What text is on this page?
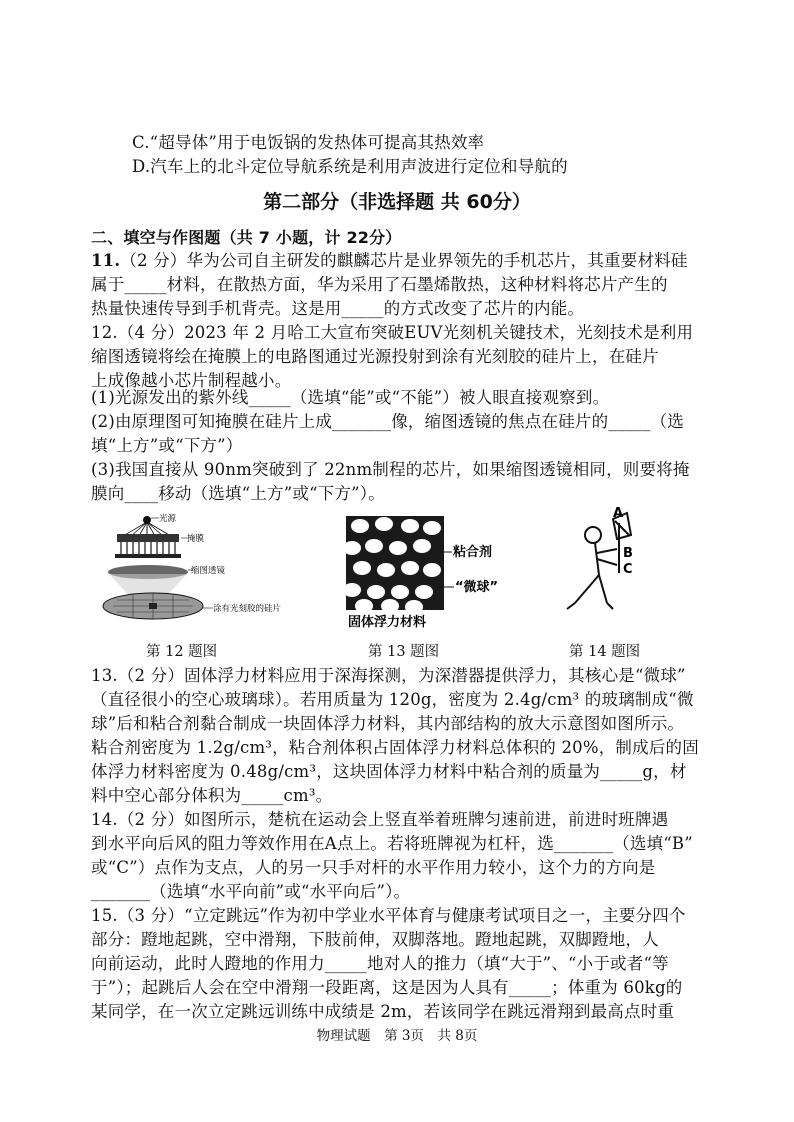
C.“超导体”用于电饭锅的发热体可提高其热效率
D.汽车上的北斗定位导航系统是利用声波进行定位和导航的
第二部分（非选择题 共 60分）
二、填空与作图题（共 7 小题，计 22分）
11.（2 分）华为公司自主研发的麒麟芯片是业界领先的手机芯片，其重要材料硅
属于_____材料，在散热方面，华为采用了石墨烯散热，这种材料将芯片产生的
热量快速传导到手机背壳。这是用_____的方式改变了芯片的内能。
12.（4 分）2023 年 2 月哈工大宣布突破EUV光刻机关键技术，光刻技术是利用
缩图透镜将绘在掩膜上的电路图通过光源投射到涂有光刻胶的硅片上，在硅片
上成像越小芯片制程越小。
(1)光源发出的紫外线_____（选填“能”或“不能”）被人眼直接观察到。
(2)由原理图可知掩膜在硅片上成_______像，缩图透镜的焦点在硅片的_____（选
填“上方”或“下方”）
(3)我国直接从 90nm突破到了 22nm制程的芯片，如果缩图透镜相同，则要将掩
膜向____移动（选填“上方”或“下方”）。
光源
掩膜
缩图透镜
涂有光刻胶的硅片
粘合剂
“微球”
固体浮力材料
A
B
C
第 12 题图	第 13 题图	第 14 题图
13.（2 分）固体浮力材料应用于深海探测，为深潜器提供浮力，其核心是“微球”
（直径很小的空心玻璃球）。若用质量为 120g，密度为 2.4g/cm³ 的玻璃制成“微
球”后和粘合剂黏合制成一块固体浮力材料，其内部结构的放大示意图如图所示。
粘合剂密度为 1.2g/cm³，粘合剂体积占固体浮力材料总体积的 20%，制成后的固
体浮力材料密度为 0.48g/cm³，这块固体浮力材料中粘合剂的质量为_____g，材
料中空心部分体积为_____cm³。
14.（2 分）如图所示，楚杭在运动会上竖直举着班牌匀速前进，前进时班牌遇
到水平向后风的阻力等效作用在A点上。若将班牌视为杠杆，选_______（选填“B”
或“C”）点作为支点，人的另一只手对杆的水平作用力较小，这个力的方向是
_______（选填“水平向前”或“水平向后”）。
15.（3 分）“立定跳远”作为初中学业水平体育与健康考试项目之一，主要分四个
部分：蹬地起跳，空中滑翔，下肢前伸，双脚落地。蹬地起跳，双脚蹬地，人
向前运动，此时人蹬地的作用力_____地对人的推力（填“大于”、“小于或者“等
于”）；起跳后人会在空中滑翔一段距离，这是因为人具有_____；体重为 60kg的
某同学，在一次立定跳远训练中成绩是 2m，若该同学在跳远滑翔到最高点时重
物理试题　第 3页　共 8页
